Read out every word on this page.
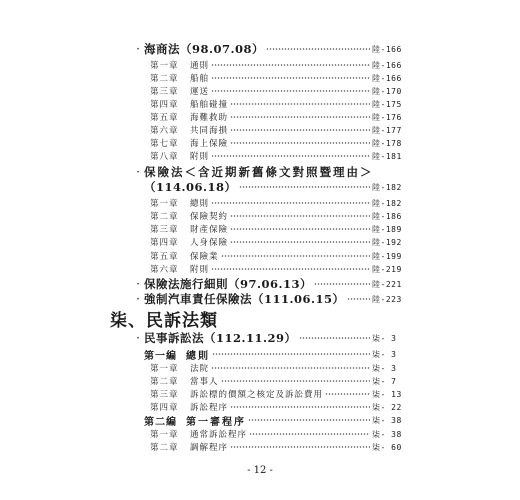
‧ 海商法（98.07.08）	陸-166
第一章	通則	陸-166
第二章	船舶	陸-166
第三章	運送	陸-170
第四章	船舶碰撞	陸-175
第五章	海難救助	陸-176
第六章	共同海損	陸-177
第七章	海上保險	陸-178
第八章	附則	陸-181
‧ 保險法＜含近期新舊條文對照暨理由＞
（114.06.18）	陸-182
第一章	總則	陸-182
第二章	保險契約	陸-186
第三章	財產保險	陸-189
第四章	人身保險	陸-192
第五章	保險業	陸-199
第六章	附則	陸-219
‧ 保險法施行細則（97.06.13）	陸-221
‧ 強制汽車責任保險法（111.06.15）	陸-223
柒、民訴法類
‧ 民事訴訟法（112.11.29）	柒- 3
第一編 總則	柒- 3
第一章	法院	柒- 3
第二章	當事人	柒- 7
第三章	訴訟標的價額之核定及訴訟費用	柒- 13
第四章	訴訟程序	柒- 22
第二編 第一審程序	柒- 38
第一章	通常訴訟程序	柒- 38
第二章	調解程序	柒- 60
- 12 -
